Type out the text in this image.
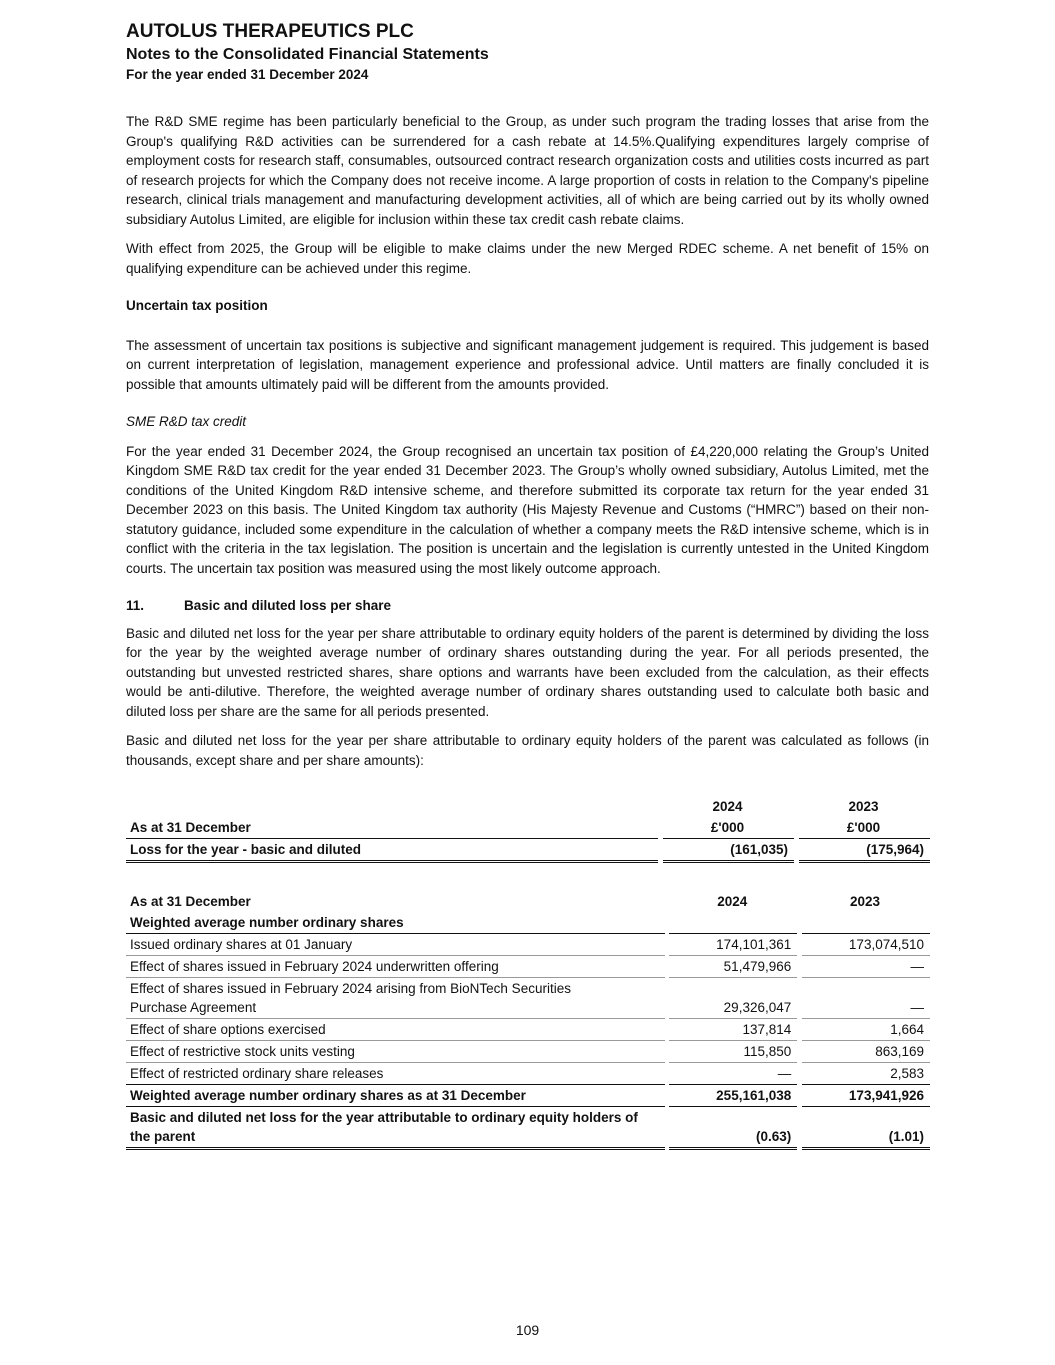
AUTOLUS THERAPEUTICS PLC
Notes to the Consolidated Financial Statements
For the year ended 31 December 2024

The R&D SME regime has been particularly beneficial to the Group, as under such program the trading losses that arise from the Group's qualifying R&D activities can be surrendered for a cash rebate at 14.5%.Qualifying expenditures largely comprise of employment costs for research staff, consumables, outsourced contract research organization costs and utilities costs incurred as part of research projects for which the Company does not receive income. A large proportion of costs in relation to the Company's pipeline research, clinical trials management and manufacturing development activities, all of which are being carried out by its wholly owned subsidiary Autolus Limited, are eligible for inclusion within these tax credit cash rebate claims.

With effect from 2025, the Group will be eligible to make claims under the new Merged RDEC scheme. A net benefit of 15% on qualifying expenditure can be achieved under this regime.

Uncertain tax position

The assessment of uncertain tax positions is subjective and significant management judgement is required. This judgement is based on current interpretation of legislation, management experience and professional advice. Until matters are finally concluded it is possible that amounts ultimately paid will be different from the amounts provided.

SME R&D tax credit

For the year ended 31 December 2024, the Group recognised an uncertain tax position of £4,220,000 relating the Group’s United Kingdom SME R&D tax credit for the year ended 31 December 2023. The Group’s wholly owned subsidiary, Autolus Limited, met the conditions of the United Kingdom R&D intensive scheme, and therefore submitted its corporate tax return for the year ended 31 December 2023 on this basis. The United Kingdom tax authority (His Majesty Revenue and Customs (“HMRC”) based on their non-statutory guidance, included some expenditure in the calculation of whether a company meets the R&D intensive scheme, which is in conflict with the criteria in the tax legislation. The position is uncertain and the legislation is currently untested in the United Kingdom courts. The uncertain tax position was measured using the most likely outcome approach.

11.	Basic and diluted loss per share

Basic and diluted net loss for the year per share attributable to ordinary equity holders of the parent is determined by dividing the loss for the year by the weighted average number of ordinary shares outstanding during the year. For all periods presented, the outstanding but unvested restricted shares, share options and warrants have been excluded from the calculation, as their effects would be anti-dilutive. Therefore, the weighted average number of ordinary shares outstanding used to calculate both basic and diluted loss per share are the same for all periods presented.

Basic and diluted net loss for the year per share attributable to ordinary equity holders of the parent was calculated as follows (in thousands, except share and per share amounts):

		2024		2023
As at 31 December		£'000		£'000
Loss for the year - basic and diluted		(161,035)		(175,964)
As at 31 December		2024		2023
Weighted average number ordinary shares				
Issued ordinary shares at 01 January		174,101,361		173,074,510
Effect of shares issued in February 2024 underwritten offering		51,479,966		—
Effect of shares issued in February 2024 arising from BioNTech Securities Purchase Agreement		29,326,047		—
Effect of share options exercised		137,814		1,664
Effect of restrictive stock units vesting		115,850		863,169
Effect of restricted ordinary share releases		—		2,583
Weighted average number ordinary shares as at 31 December		255,161,038		173,941,926
Basic and diluted net loss for the year attributable to ordinary equity holders of the parent		(0.63)		(1.01)
109
